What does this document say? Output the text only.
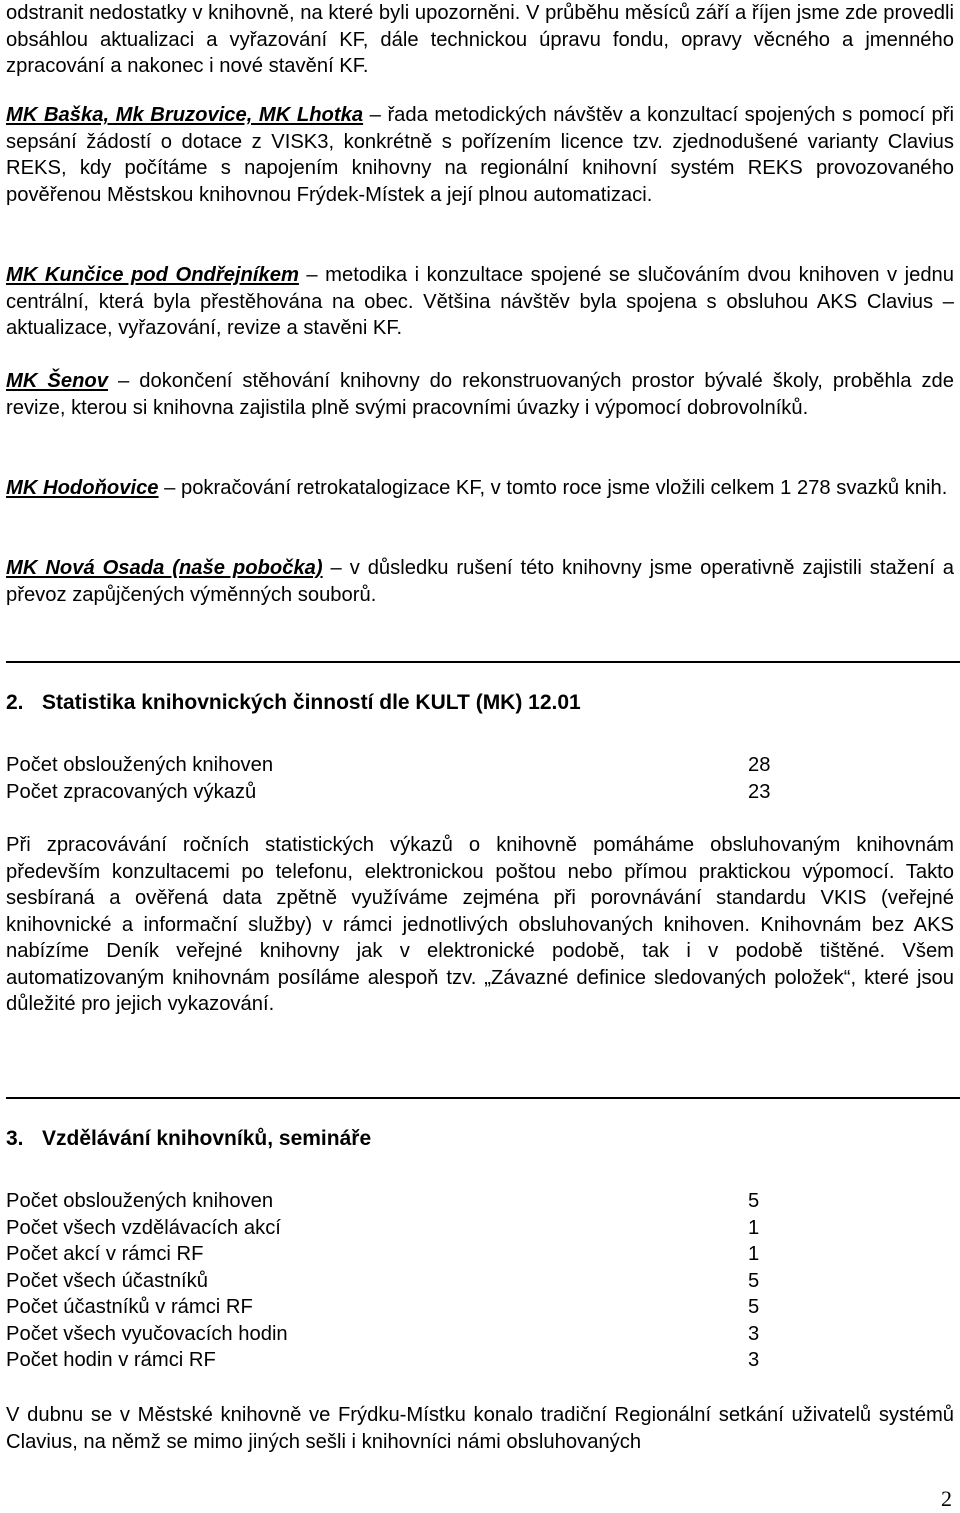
odstranit nedostatky v knihovně, na které byli upozorněni. V průběhu měsíců září a říjen jsme zde provedli obsáhlou aktualizaci a vyřazování KF, dále technickou úpravu fondu, opravy věcného a jmenného zpracování a nakonec i nové stavění KF.

MK Baška, Mk Bruzovice, MK Lhotka – řada metodických návštěv a konzultací spojených s pomocí při sepsání žádostí o dotace z VISK3, konkrétně s pořízením licence tzv. zjednodušené varianty Clavius REKS, kdy počítáme s napojením knihovny na regionální knihovní systém REKS provozovaného pověřenou Městskou knihovnou Frýdek-Místek a její plnou automatizaci.

MK Kunčice pod Ondřejníkem – metodika i konzultace spojené se slučováním dvou knihoven v jednu centrální, která byla přestěhována na obec. Většina návštěv byla spojena s obsluhou AKS Clavius – aktualizace, vyřazování, revize a stavěni KF.

MK Šenov – dokončení stěhování knihovny do rekonstruovaných prostor bývalé školy, proběhla zde revize, kterou si knihovna zajistila plně svými pracovními úvazky i výpomocí dobrovolníků.

MK Hodoňovice – pokračování retrokatalogizace KF, v tomto roce jsme vložili celkem 1 278 svazků knih.

MK Nová Osada (naše pobočka) – v důsledku rušení této knihovny jsme operativně zajistili stažení a převoz zapůjčených výměnných souborů.

2. Statistika knihovnických činností dle KULT (MK) 12.01
Počet obsloužených knihoven	28
Počet zpracovaných výkazů	23

Při zpracovávání ročních statistických výkazů o knihovně pomáháme obsluhovaným knihovnám především konzultacemi po telefonu, elektronickou poštou nebo přímou praktickou výpomocí. Takto sesbíraná a ověřená data zpětně využíváme zejména při porovnávání standardu VKIS (veřejné knihovnické a informační služby) v rámci jednotlivých obsluhovaných knihoven. Knihovnám bez AKS nabízíme Deník veřejné knihovny jak v elektronické podobě, tak i v podobě tištěné. Všem automatizovaným knihovnám posíláme alespoň tzv. „Závazné definice sledovaných položek“, které jsou důležité pro jejich vykazování.

3. Vzdělávání knihovníků, semináře
Počet obsloužených knihoven	5
Počet všech vzdělávacích akcí	1
Počet akcí v rámci RF	1
Počet všech účastníků	5
Počet účastníků v rámci RF	5
Počet všech vyučovacích hodin	3
Počet hodin v rámci RF	3

V dubnu se v Městské knihovně ve Frýdku-Místku konalo tradiční Regionální setkání uživatelů systémů Clavius, na němž se mimo jiných sešli i knihovníci námi obsluhovaných

2
